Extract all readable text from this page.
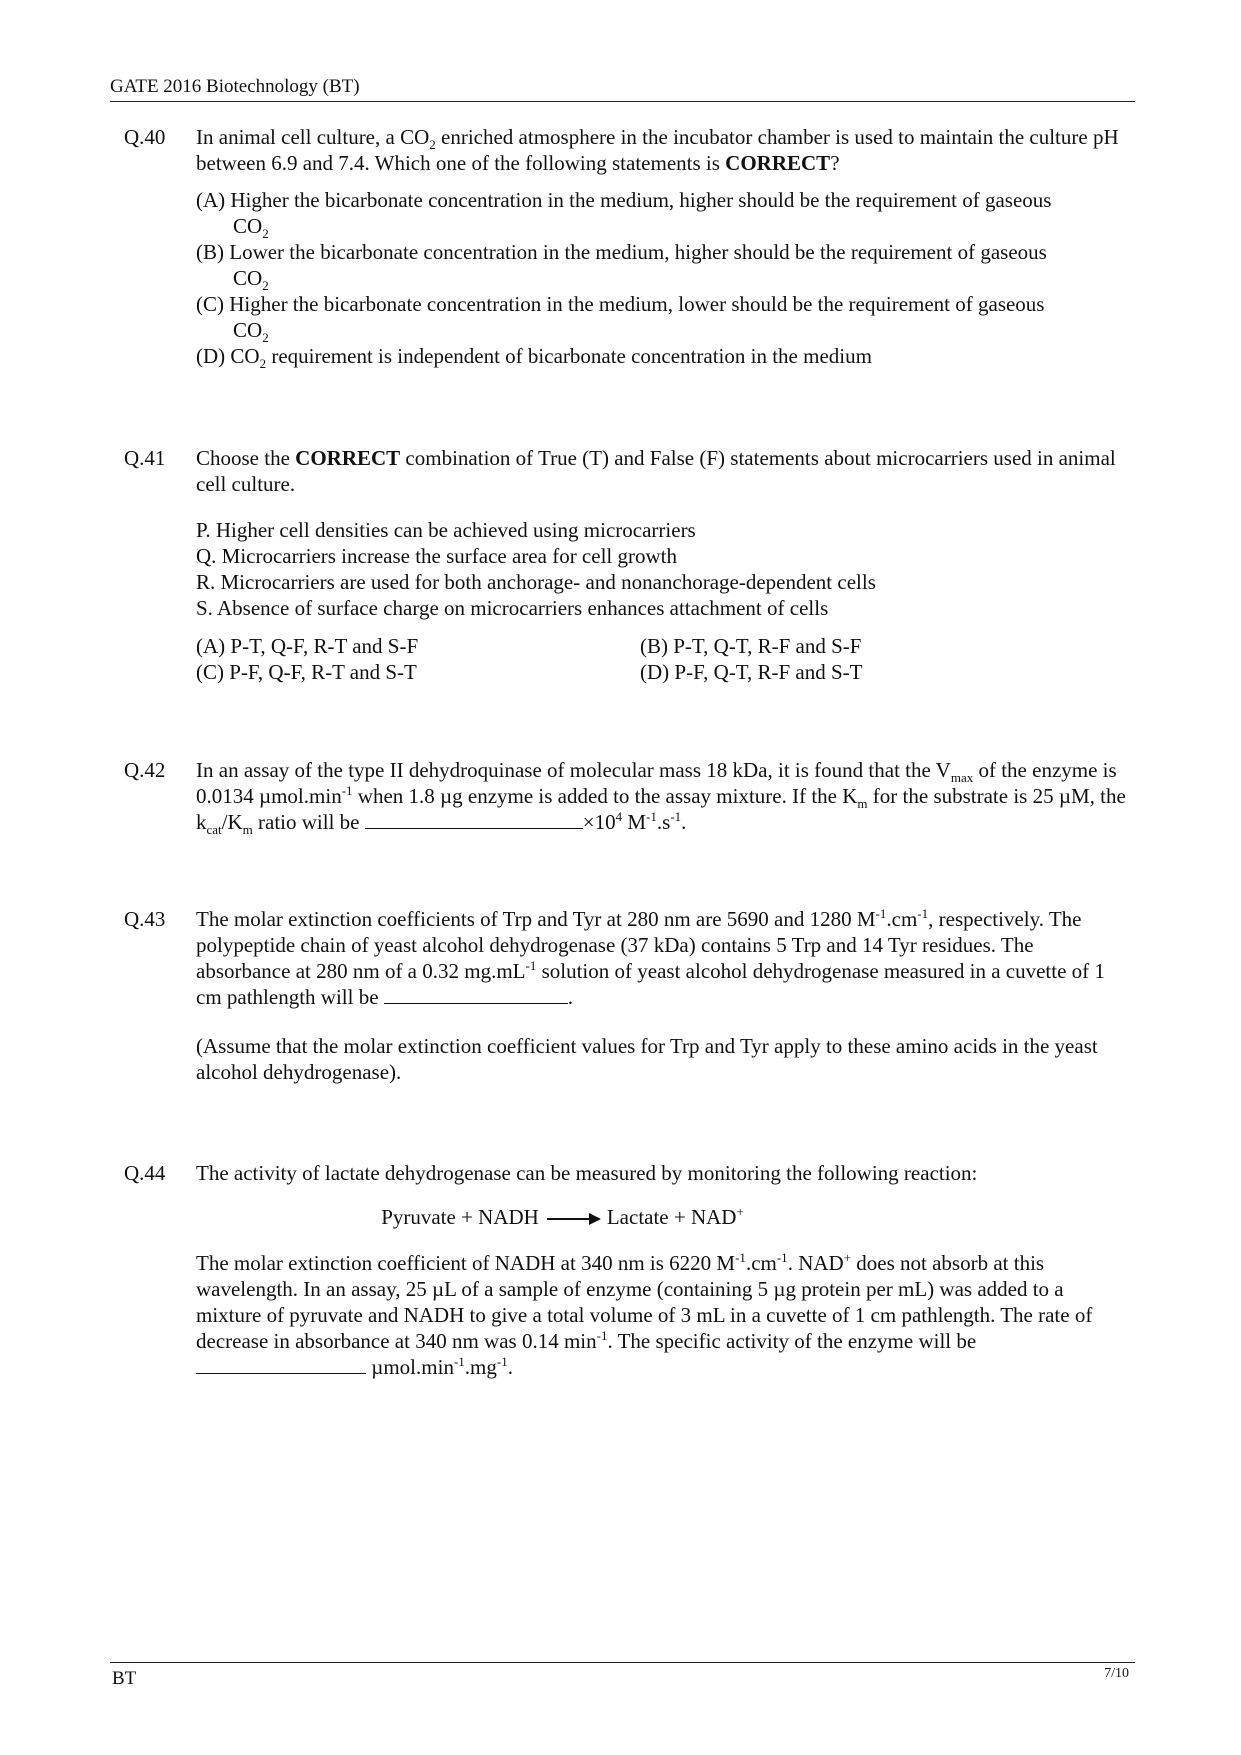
GATE 2016 Biotechnology (BT)
Q.40	In animal cell culture, a $CO_2$ enriched atmosphere in the incubator chamber is used to maintain the culture pH between 6.9 and 7.4. Which one of the following statements is CORRECT?
(A) Higher the bicarbonate concentration in the medium, higher should be the requirement of gaseous $CO_2$
(B) Lower the bicarbonate concentration in the medium, higher should be the requirement of gaseous $CO_2$
(C) Higher the bicarbonate concentration in the medium, lower should be the requirement of gaseous $CO_2$
(D) $CO_2$ requirement is independent of bicarbonate concentration in the medium
Q.41	Choose the CORRECT combination of True (T) and False (F) statements about microcarriers used in animal cell culture.
P. Higher cell densities can be achieved using microcarriers
Q. Microcarriers increase the surface area for cell growth
R. Microcarriers are used for both anchorage- and nonanchorage-dependent cells
S. Absence of surface charge on microcarriers enhances attachment of cells
(A) P-T, Q-F, R-T and S-F	(B) P-T, Q-T, R-F and S-F
(C) P-F, Q-F, R-T and S-T	(D) P-F, Q-T, R-F and S-T
Q.42	In an assay of the type II dehydroquinase of molecular mass 18 kDa, it is found that the $V_{max}$ of the enzyme is 0.0134 $\mu mol.\min^{-1}$ when 1.8 µg enzyme is added to the assay mixture. If the $K_m$ for the substrate is 25 µM, the $k_{cat}/K_m$ ratio will be	$\times 10^4$ $M^{-1}.s^{-1}$.
Q.43	The molar extinction coefficients of Trp and Tyr at 280 nm are 5690 and 1280 $M^{-1}.cm^{-1}$, respectively. The polypeptide chain of yeast alcohol dehydrogenase (37 kDa) contains 5 Trp and 14 Tyr residues. The absorbance at 280 nm of a 0.32 $mg.mL^{-1}$ solution of yeast alcohol dehydrogenase measured in a cuvette of 1 cm pathlength will be	.
(Assume that the molar extinction coefficient values for Trp and Tyr apply to these amino acids in the yeast alcohol dehydrogenase).
Q.44	The activity of lactate dehydrogenase can be measured by monitoring the following reaction:
Pyruvate + NADH → Lactate + NAD+
The molar extinction coefficient of NADH at 340 nm is 6220 $M^{-1}.cm^{-1}$. NAD+ does not absorb at this wavelength. In an assay, 25 µL of a sample of enzyme (containing 5 µg protein per mL) was added to a mixture of pyruvate and NADH to give a total volume of 3 mL in a cuvette of 1 cm pathlength. The rate of decrease in absorbance at 340 nm was 0.14 $\min^{-1}$. The specific activity of the enzyme will be  $\mu mol.\min^{-1}.mg^{-1}$.
BT	7/10
